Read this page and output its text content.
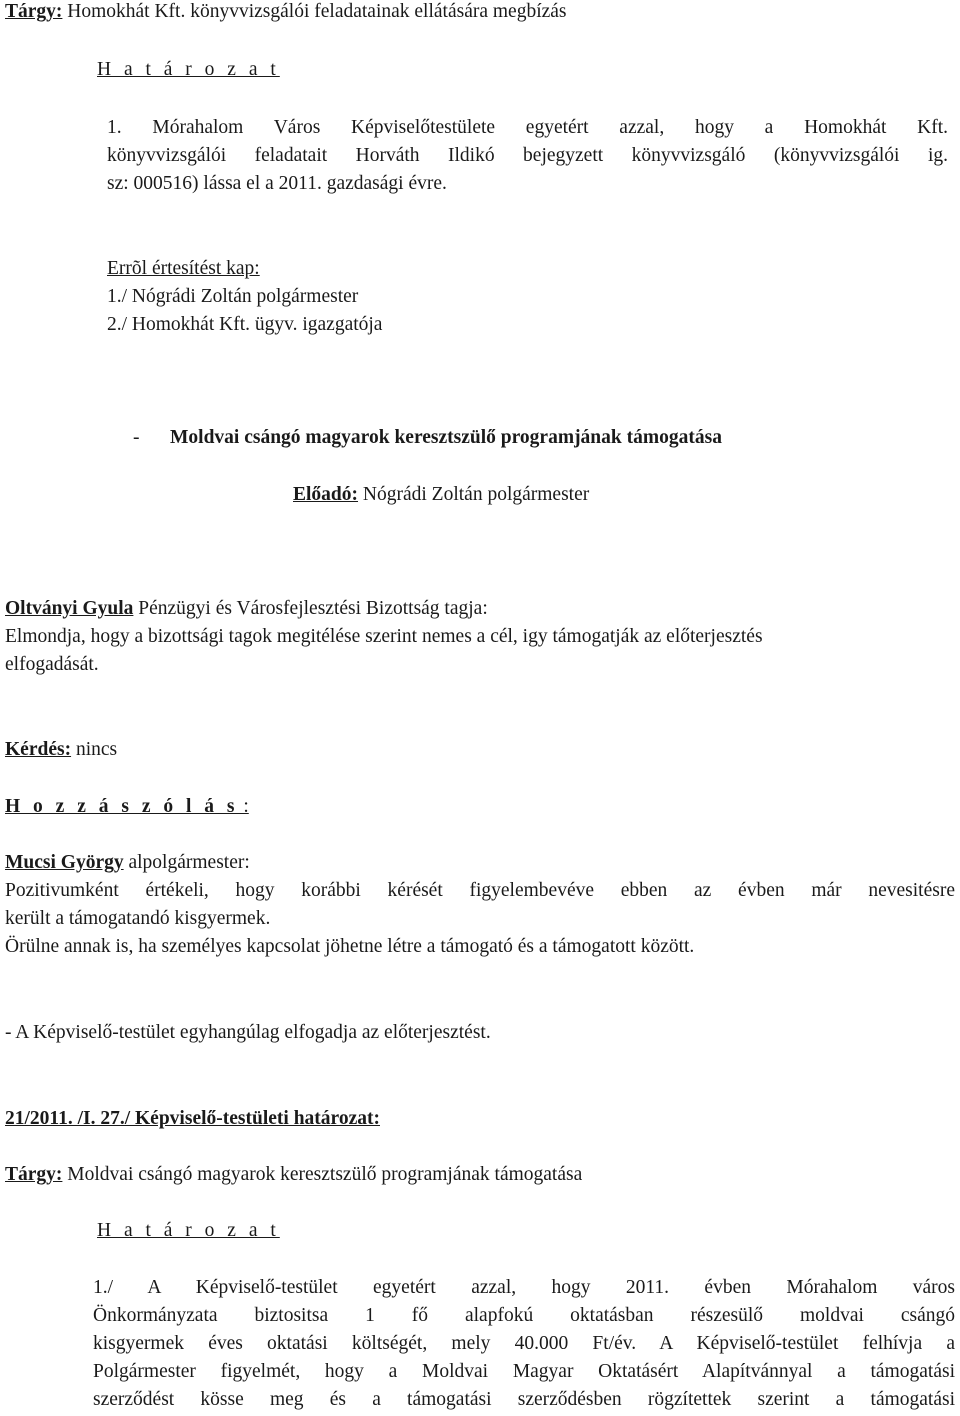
Tárgy: Homokhát Kft. könyvvizsgálói feladatainak ellátására megbízás
H a t á r o z a t
1. Mórahalom Város Képviselőtestülete egyetért azzal, hogy a Homokhát Kft.
könyvvizsgálói feladatait Horváth Ildikó bejegyzett könyvvizsgáló (könyvvizsgálói ig.
sz: 000516) lássa el a 2011. gazdasági évre.
Errõl értesítést kap:
1./ Nógrádi Zoltán polgármester
2./ Homokhát Kft. ügyv. igazgatója
- Moldvai csángó magyarok keresztszülő programjának támogatása
Előadó: Nógrádi Zoltán polgármester
Oltványi Gyula Pénzügyi és Városfejlesztési Bizottság tagja:
Elmondja, hogy a bizottsági tagok megitélése szerint nemes a cél, igy támogatják az előterjesztés
elfogadását.
Kérdés: nincs
H o z z á s z ó l á s :
Mucsi György alpolgármester:
Pozitivumként értékeli, hogy korábbi kérését figyelembevéve ebben az évben már nevesitésre
került a támogatandó kisgyermek.
Örülne annak is, ha személyes kapcsolat jöhetne létre a támogató és a támogatott között.
- A Képviselő-testület egyhangúlag elfogadja az előterjesztést.
21/2011. /I. 27./ Képviselő-testületi határozat:
Tárgy: Moldvai csángó magyarok keresztszülő programjának támogatása
H a t á r o z a t
1./ A Képviselő-testület egyetért azzal, hogy 2011. évben Mórahalom város
Önkormányzata biztositsa 1 fő alapfokú oktatásban részesülő moldvai csángó
kisgyermek éves oktatási költségét, mely 40.000 Ft/év. A Képviselő-testület felhívja a
Polgármester figyelmét, hogy a Moldvai Magyar Oktatásért Alapítvánnyal a támogatási
szerződést kösse meg és a támogatási szerződésben rögzítettek szerint a támogatási
